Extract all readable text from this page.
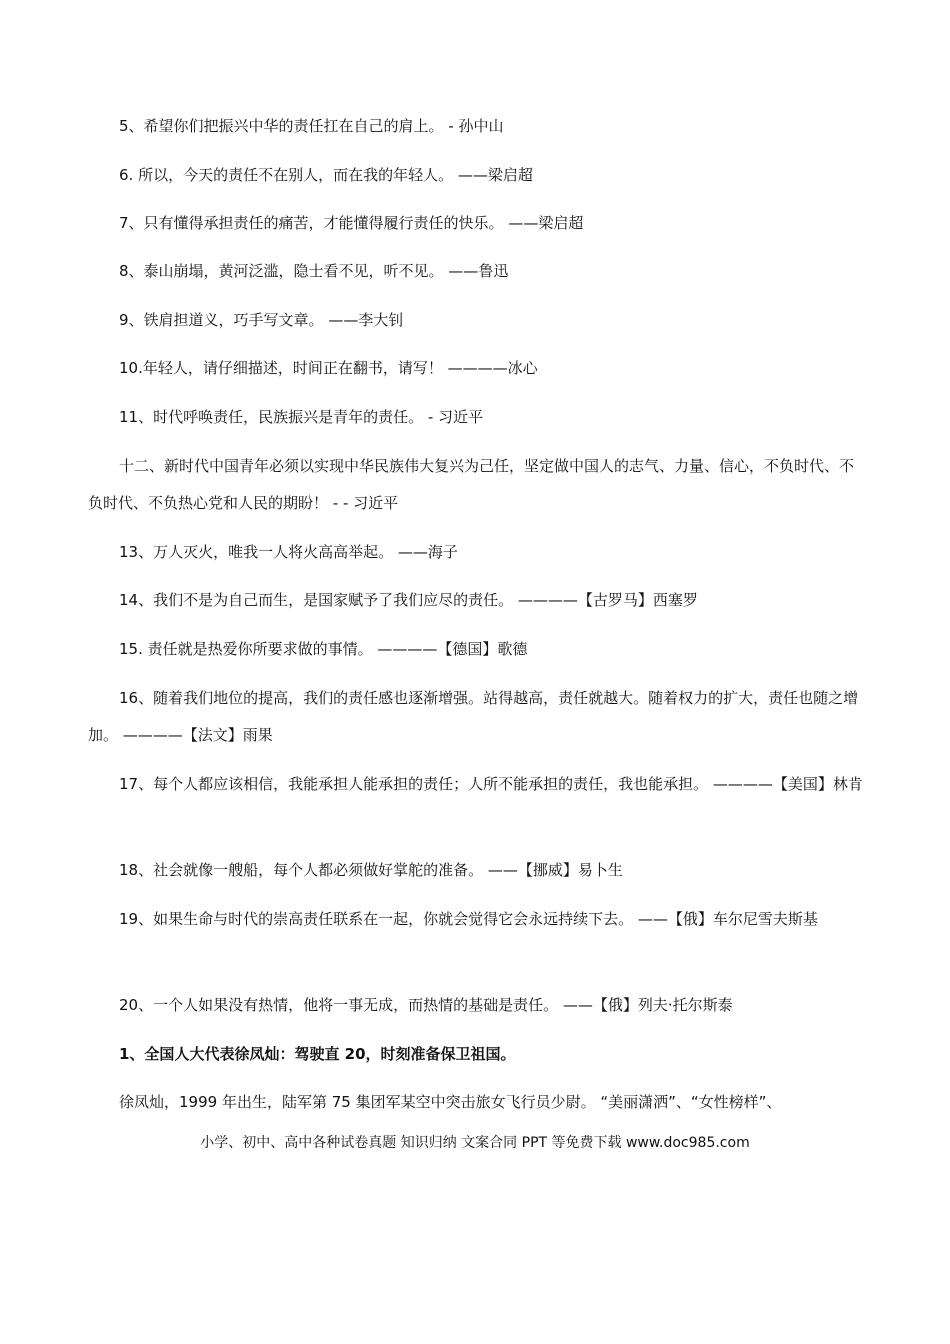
5、希望你们把振兴中华的责任扛在自己的肩上。 - 孙中山

6. 所以，今天的责任不在别人，而在我的年轻人。 ——梁启超

7、只有懂得承担责任的痛苦，才能懂得履行责任的快乐。 ——梁启超

8、泰山崩塌，黄河泛滥，隐士看不见，听不见。 ——鲁迅

9、铁肩担道义，巧手写文章。 ——李大钊

10.年轻人，请仔细描述，时间正在翻书，请写！ ————冰心

11、时代呼唤责任，民族振兴是青年的责任。 - 习近平

十二、新时代中国青年必须以实现中华民族伟大复兴为己任，坚定做中国人的志气、力量、信心，不负时代、不负时代、不负热心党和人民的期盼！ - - 习近平

13、万人灭火，唯我一人将火高高举起。 ——海子

14、我们不是为自己而生，是国家赋予了我们应尽的责任。 ————【古罗马】西塞罗

15. 责任就是热爱你所要求做的事情。 ————【德国】歌德

16、随着我们地位的提高，我们的责任感也逐渐增强。站得越高，责任就越大。随着权力的扩大，责任也随之增加。 ————【法文】雨果

17、每个人都应该相信，我能承担人能承担的责任；人所不能承担的责任，我也能承担。 ————【美国】林肯

18、社会就像一艘船，每个人都必须做好掌舵的准备。 ——【挪威】易卜生

19、如果生命与时代的崇高责任联系在一起，你就会觉得它会永远持续下去。 ——【俄】车尔尼雪夫斯基

20、一个人如果没有热情，他将一事无成，而热情的基础是责任。 ——【俄】列夫·托尔斯泰

1、全国人大代表徐凤灿：驾驶直 20，时刻准备保卫祖国。

徐凤灿，1999 年出生，陆军第 75 集团军某空中突击旅女飞行员少尉。 “美丽潇洒”、“女性榜样”、

小学、初中、高中各种试卷真题 知识归纳 文案合同 PPT 等免费下载 www.doc985.com
